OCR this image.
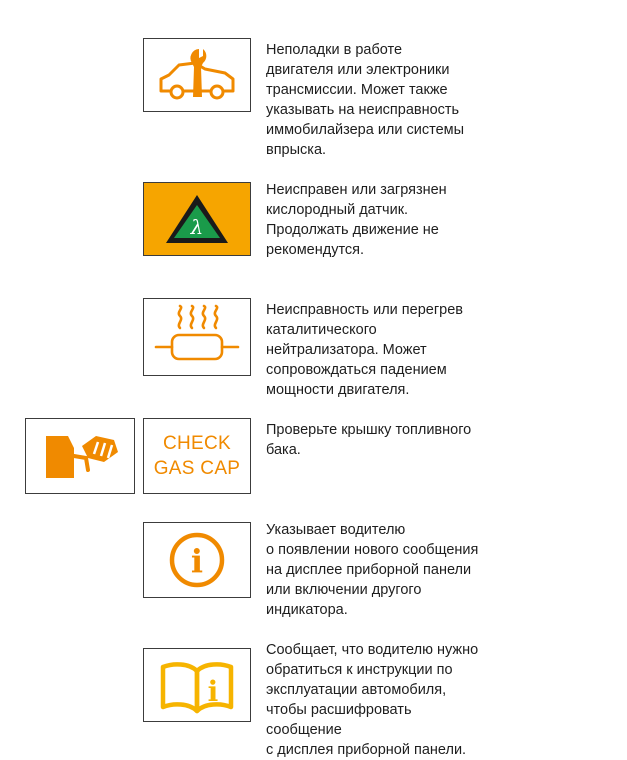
Неполадки в работе
двигателя или электроники
трансмиссии. Может также
указывать на неисправность
иммобилайзера или системы
впрыска.
λ
Неисправен или загрязнен
кислородный датчик.
Продолжать движение не
рекомендутся.
Неисправность или перегрев
каталитического
нейтрализатора. Может
сопровождаться падением
мощности двигателя.
CHECK
GAS CAP
Проверьте крышку топливного
бака.
i
Указывает водителю
о появлении нового сообщения
на дисплее приборной панели
или включении другого
индикатора.
i
Сообщает, что водителю нужно
обратиться к инструкции по
эксплуатации автомобиля,
чтобы расшифровать
сообщение
с дисплея приборной панели.
